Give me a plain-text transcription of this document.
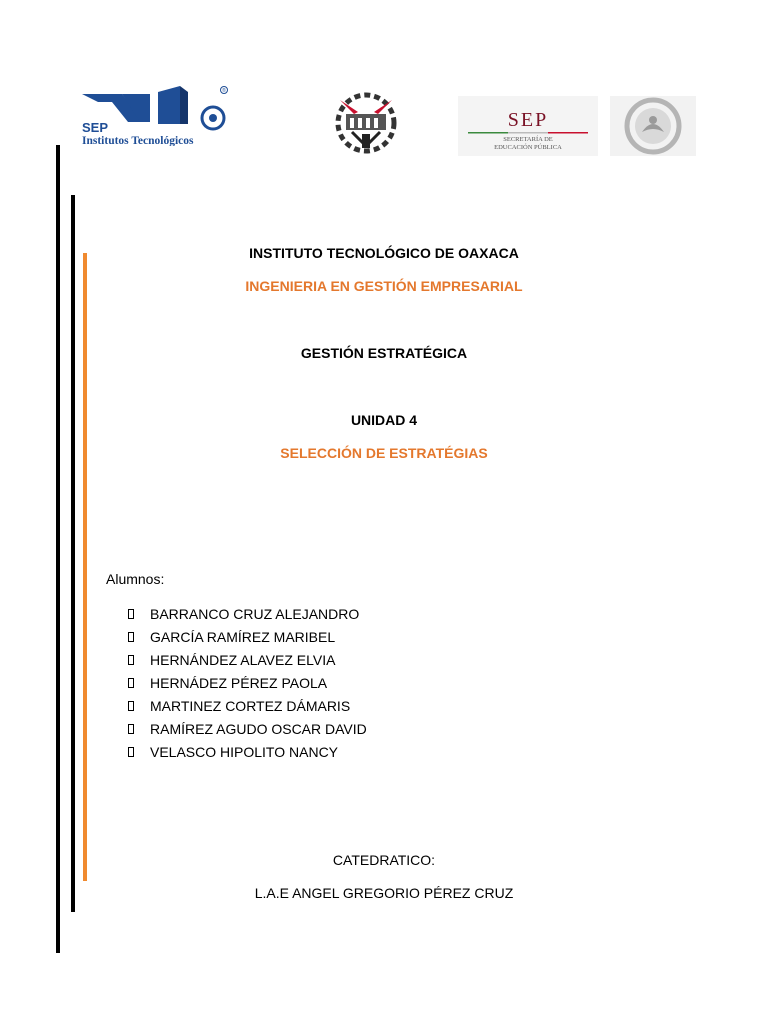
®
SEP
Institutos Tecnológicos
SEP
SECRETARÍA DE
EDUCACIÓN PÚBLICA
INSTITUTO TECNOLÓGICO DE OAXACA
INGENIERIA EN GESTIÓN EMPRESARIAL
GESTIÓN ESTRATÉGICA
UNIDAD 4
SELECCIÓN DE ESTRATÉGIAS
Alumnos:
BARRANCO CRUZ ALEJANDRO
GARCÍA RAMÍREZ MARIBEL
HERNÁNDEZ ALAVEZ ELVIA
HERNÁDEZ PÉREZ PAOLA
MARTINEZ CORTEZ DÁMARIS
RAMÍREZ AGUDO OSCAR DAVID
VELASCO HIPOLITO NANCY
CATEDRATICO:
L.A.E ANGEL GREGORIO PÉREZ CRUZ
